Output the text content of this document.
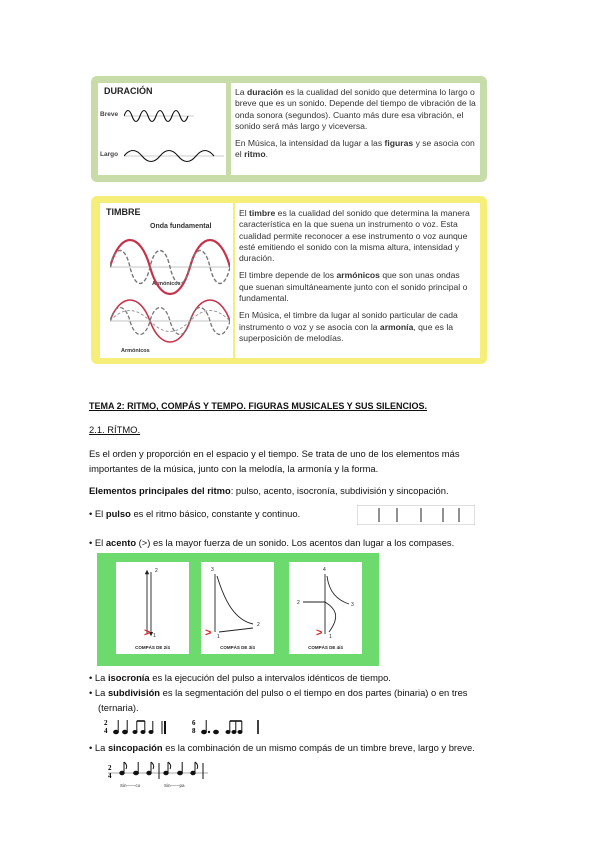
DURACIÓN
Breve
Largo

La duración es la cualidad del sonido que determina lo largo o breve que es un sonido. Depende del tiempo de vibración de la onda sonora (segundos). Cuanto más dure esa vibración, el sonido será más largo y viceversa.

En Música, la intensidad da lugar a las figuras y se asocia con el ritmo.

TIMBRE
Onda fundamental
Armónicos
Armónicos

El timbre es la cualidad del sonido que determina la manera característica en la que suena un instrumento o voz. Esta cualidad permite reconocer a ese instrumento o voz aunque esté emitiendo el sonido con la misma altura, intensidad y duración.

El timbre depende de los armónicos que son unas ondas que suenan simultáneamente junto con el sonido principal o fundamental.

En Música, el timbre da lugar al sonido particular de cada instrumento o voz y se asocia con la armonía, que es la superposición de melodías.

TEMA 2: RITMO, COMPÁS Y TEMPO. FIGURAS MUSICALES Y SUS SILENCIOS.
2.1. RÍTMO.
Es el orden y proporción en el espacio y el tiempo. Se trata de uno de los elementos más
importantes de la música, junto con la melodía, la armonía y la forma.
Elementos principales del ritmo: pulso, acento, isocronía, subdivisión y sincopación.
• El pulso es el ritmo básico, constante y continuo.
• El acento (>) es la mayor fuerza de un sonido. Los acentos dan lugar a los compases.
> 1
2
COMPÁS DE 2/4
> 1
3
2
COMPÁS DE 3/4
> 1
4
2	3
COMPÁS DE 4/4
• La isocronía es la ejecución del pulso a intervalos idénticos de tiempo.
• La subdivisión es la segmentación del pulso o el tiempo en dos partes (binaria) o en tres
(ternaria).
2
4
6
8
• La sincopación es la combinación de un mismo compás de un timbre breve, largo y breve.
2
4
Sin——co	Sin——pa
